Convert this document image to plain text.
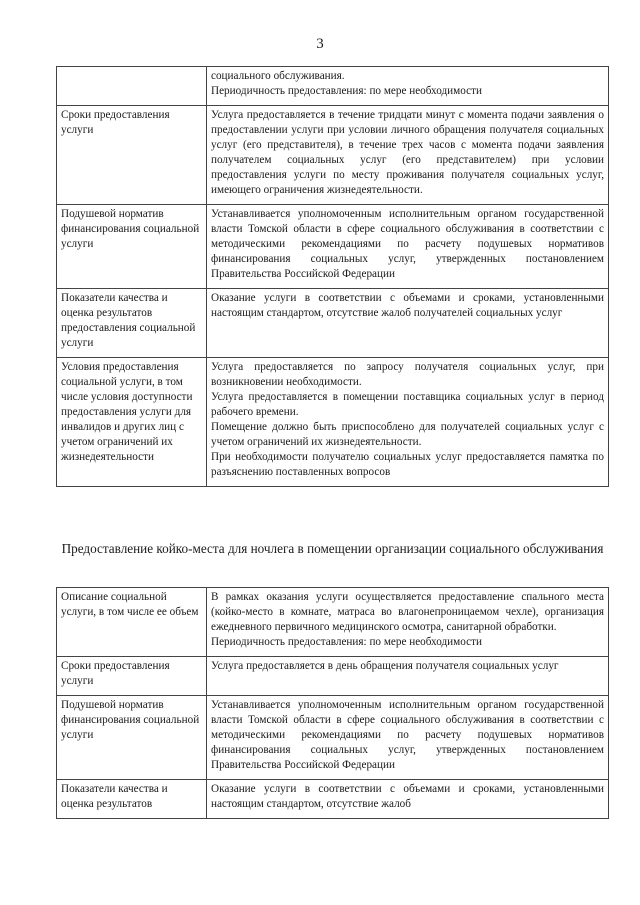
3

	социального обслуживания.

Периодичность предоставления: по мере необходимости

Сроки предоставления услуги	Услуга предоставляется в течение тридцати минут с момента подачи заявления о предоставлении услуги при условии личного обращения получателя социальных услуг (его представителя), в течение трех часов с момента подачи заявления получателем социальных услуг (его представителем) при условии предоставления услуги по месту проживания получателя социальных услуг, имеющего ограничения жизнедеятельности.

Подушевой норматив финансирования социальной услуги	Устанавливается уполномоченным исполнительным органом государственной власти Томской области в сфере социального обслуживания в соответствии с методическими рекомендациями по расчету подушевых нормативов финансирования социальных услуг, утвержденных постановлением Правительства Российской Федерации

Показатели качества и оценка результатов предоставления социальной услуги	Оказание услуги в соответствии с объемами и сроками, установленными настоящим стандартом, отсутствие жалоб получателей социальных услуг

Условия предоставления социальной услуги, в том числе условия доступности предоставления услуги для инвалидов и других лиц с учетом ограничений их жизнедеятельности	Услуга предоставляется по запросу получателя социальных услуг, при возникновении необходимости.

Услуга предоставляется в помещении поставщика социальных услуг в период рабочего времени.

Помещение должно быть приспособлено для получателей социальных услуг с учетом ограничений их жизнедеятельности.

При необходимости получателю социальных услуг предоставляется памятка по разъяснению поставленных вопросов

Предоставление койко-места для ночлега в помещении организации социального обслуживания
Описание социальной услуги, в том числе ее объем	В рамках оказания услуги осуществляется предоставление спального места (койко-место в комнате, матраса во влагонепроницаемом чехле), организация ежедневного первичного медицинского осмотра, санитарной обработки.

Периодичность предоставления: по мере необходимости

Сроки предоставления услуги	Услуга предоставляется в день обращения получателя социальных услуг

Подушевой норматив финансирования социальной услуги	Устанавливается уполномоченным исполнительным органом государственной власти Томской области в сфере социального обслуживания в соответствии с методическими рекомендациями по расчету подушевых нормативов финансирования социальных услуг, утвержденных постановлением Правительства Российской Федерации

Показатели качества и оценка результатов	Оказание услуги в соответствии с объемами и сроками, установленными настоящим стандартом, отсутствие жалоб
